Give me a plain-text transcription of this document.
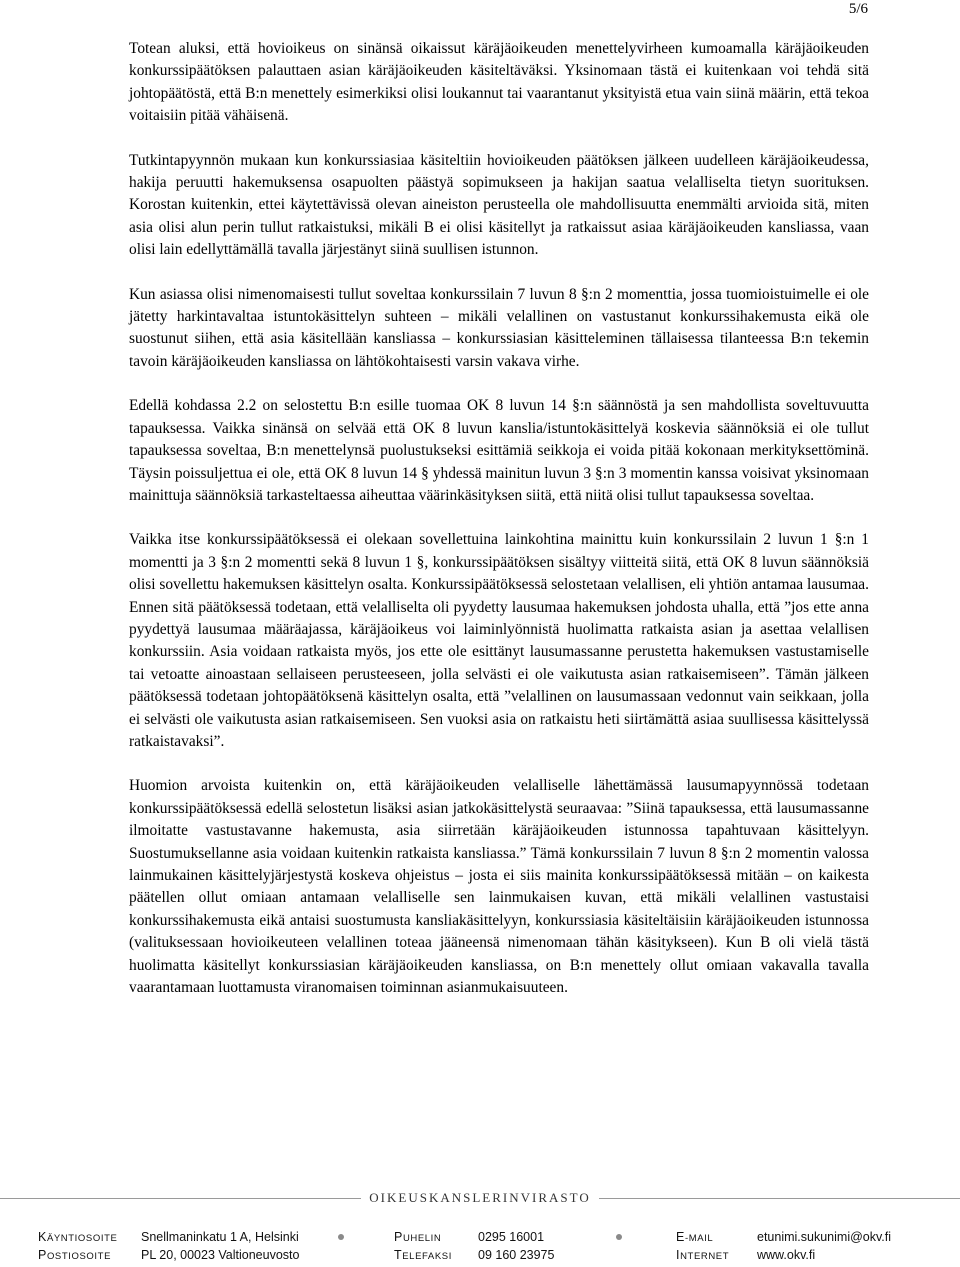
5/6

Totean aluksi, että hovioikeus on sinänsä oikaissut käräjäoikeuden menettelyvirheen kumoamalla käräjäoikeuden konkurssipäätöksen palauttaen asian käräjäoikeuden käsiteltäväksi. Yksinomaan tästä ei kuitenkaan voi tehdä sitä johtopäätöstä, että B:n menettely esimerkiksi olisi loukannut tai vaarantanut yksityistä etua vain siinä määrin, että tekoa voitaisiin pitää vähäisenä.

Tutkintapyynnön mukaan kun konkurssiasiaa käsiteltiin hovioikeuden päätöksen jälkeen uudelleen käräjäoikeudessa, hakija peruutti hakemuksensa osapuolten päästyä sopimukseen ja hakijan saatua velalliselta tietyn suorituksen. Korostan kuitenkin, ettei käytettävissä olevan aineiston perusteella ole mahdollisuutta enemmälti arvioida sitä, miten asia olisi alun perin tullut ratkaistuksi, mikäli B ei olisi käsitellyt ja ratkaissut asiaa käräjäoikeuden kansliassa, vaan olisi lain edellyttämällä tavalla järjestänyt siinä suullisen istunnon.

Kun asiassa olisi nimenomaisesti tullut soveltaa konkurssilain 7 luvun 8 §:n 2 momenttia, jossa tuomioistuimelle ei ole jätetty harkintavaltaa istuntokäsittelyn suhteen – mikäli velallinen on vastustanut konkurssihakemusta eikä ole suostunut siihen, että asia käsitellään kansliassa – konkurssiasian käsitteleminen tällaisessa tilanteessa B:n tekemin tavoin käräjäoikeuden kansliassa on lähtökohtaisesti varsin vakava virhe.

Edellä kohdassa 2.2 on selostettu B:n esille tuomaa OK 8 luvun 14 §:n säännöstä ja sen mahdollista soveltuvuutta tapauksessa. Vaikka sinänsä on selvää että OK 8 luvun kanslia/istuntokäsittelyä koskevia säännöksiä ei ole tullut tapauksessa soveltaa, B:n menettelynsä puolustukseksi esittämiä seikkoja ei voida pitää kokonaan merkityksettöminä. Täysin poissuljettua ei ole, että OK 8 luvun 14 § yhdessä mainitun luvun 3 §:n 3 momentin kanssa voisivat yksinomaan mainittuja säännöksiä tarkasteltaessa aiheuttaa väärinkäsityksen siitä, että niitä olisi tullut tapauksessa soveltaa.

Vaikka itse konkurssipäätöksessä ei olekaan sovellettuina lainkohtina mainittu kuin konkurssilain 2 luvun 1 §:n 1 momentti ja 3 §:n 2 momentti sekä 8 luvun 1 §, konkurssipäätöksen sisältyy viitteitä siitä, että OK 8 luvun säännöksiä olisi sovellettu hakemuksen käsittelyn osalta. Konkurssipäätöksessä selostetaan velallisen, eli yhtiön antamaa lausumaa. Ennen sitä päätöksessä todetaan, että velalliselta oli pyydetty lausumaa hakemuksen johdosta uhalla, että ”jos ette anna pyydettyä lausumaa määräajassa, käräjäoikeus voi laiminlyönnistä huolimatta ratkaista asian ja asettaa velallisen konkurssiin. Asia voidaan ratkaista myös, jos ette ole esittänyt lausumassanne perustetta hakemuksen vastustamiselle tai vetoatte ainoastaan sellaiseen perusteeseen, jolla selvästi ei ole vaikutusta asian ratkaisemiseen”. Tämän jälkeen päätöksessä todetaan johtopäätöksenä käsittelyn osalta, että ”velallinen on lausumassaan vedonnut vain seikkaan, jolla ei selvästi ole vaikutusta asian ratkaisemiseen. Sen vuoksi asia on ratkaistu heti siirtämättä asiaa suullisessa käsittelyssä ratkaistavaksi”.

Huomion arvoista kuitenkin on, että käräjäoikeuden velalliselle lähettämässä lausumapyynnössä todetaan konkurssipäätöksessä edellä selostetun lisäksi asian jatkokäsittelystä seuraavaa: ”Siinä tapauksessa, että lausumassanne ilmoitatte vastustavanne hakemusta, asia siirretään käräjäoikeuden istunnossa tapahtuvaan käsittelyyn. Suostumuksellanne asia voidaan kuitenkin ratkaista kansliassa.” Tämä konkurssilain 7 luvun 8 §:n 2 momentin valossa lainmukainen käsittelyjärjestystä koskeva ohjeistus – josta ei siis mainita konkurssipäätöksessä mitään – on kaikesta päätellen ollut omiaan antamaan velalliselle sen lainmukaisen kuvan, että mikäli velallinen vastustaisi konkurssihakemusta eikä antaisi suostumusta kansliakäsittelyyn, konkurssiasia käsiteltäisiin käräjäoikeuden istunnossa (valituksessaan hovioikeuteen velallinen toteaa jääneensä nimenomaan tähän käsitykseen). Kun B oli vielä tästä huolimatta käsitellyt konkurssiasian käräjäoikeuden kansliassa, on B:n menettely ollut omiaan vakavalla tavalla vaarantamaan luottamusta viranomaisen toiminnan asianmukaisuuteen.

OIKEUSKANSLERINVIRASTO
KÄYNTIOSOITE Snellmaninkatu 1 A, Helsinki	PUHELIN	0295 16001	E-MAIL	etunimi.sukunimi@okv.fi
POSTIOSOITE PL 20, 00023 Valtioneuvosto	TELEFAKSI 09 160 23975	INTERNET www.okv.fi
